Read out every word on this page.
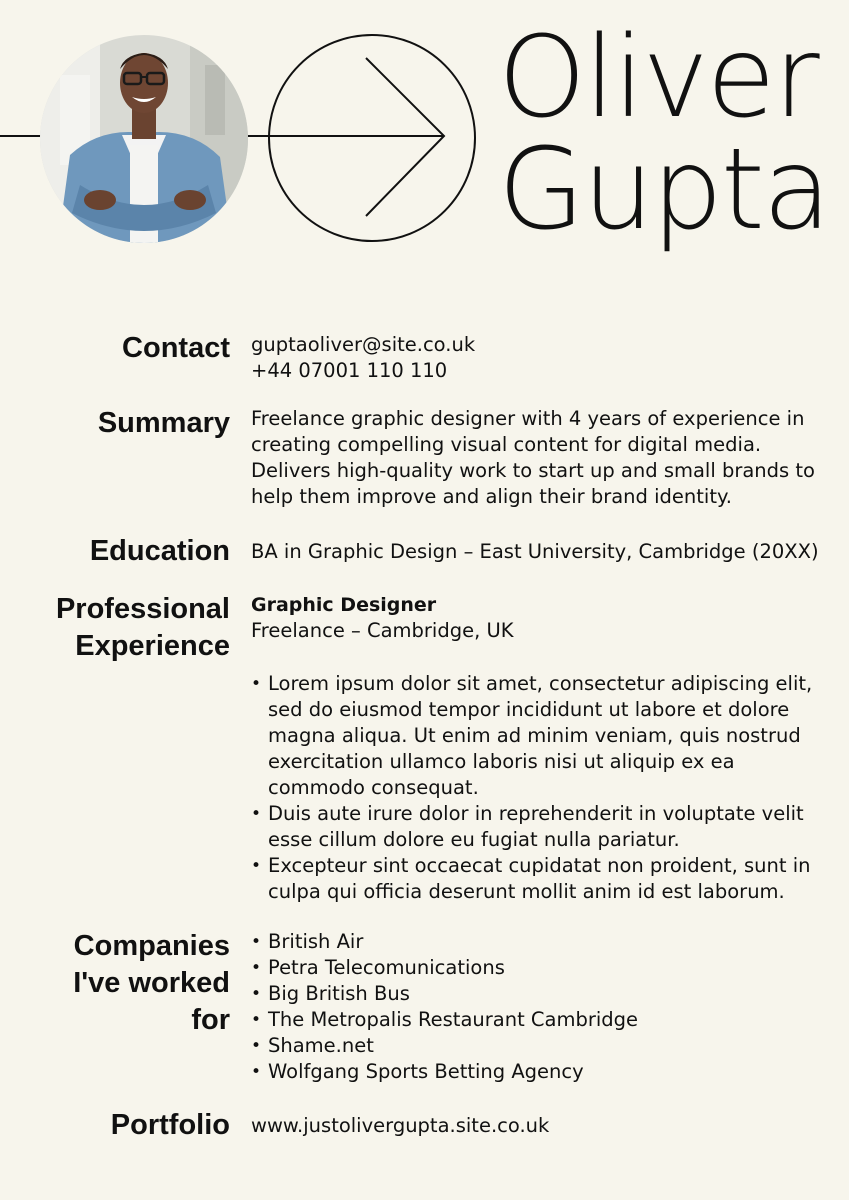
Oliver
Gupta
Contact guptaoliver@site.co.uk

+44 07001 110 110

Summary Freelance graphic designer with 4 years of experience in

creating compelling visual content for digital media.

Delivers high-quality work to start up and small brands to

help them improve and align their brand identity.

Education BA in Graphic Design – East University, Cambridge (20XX)

Professional
Experience

Graphic Designer

Freelance – Cambridge, UK

• Lorem ipsum dolor sit amet, consectetur adipiscing elit,
sed do eiusmod tempor incididunt ut labore et dolore
magna aliqua. Ut enim ad minim veniam, quis nostrud
exercitation ullamco laboris nisi ut aliquip ex ea
commodo consequat.
• Duis aute irure dolor in reprehenderit in voluptate velit
esse cillum dolore eu fugiat nulla pariatur.
• Excepteur sint occaecat cupidatat non proident, sunt in
culpa qui officia deserunt mollit anim id est laborum.
Companies
I've worked
for
• British Air
• Petra Telecomunications
• Big British Bus
• The Metropalis Restaurant Cambridge
• Shame.net
• Wolfgang Sports Betting Agency
Portfolio www.justolivergupta.site.co.uk
